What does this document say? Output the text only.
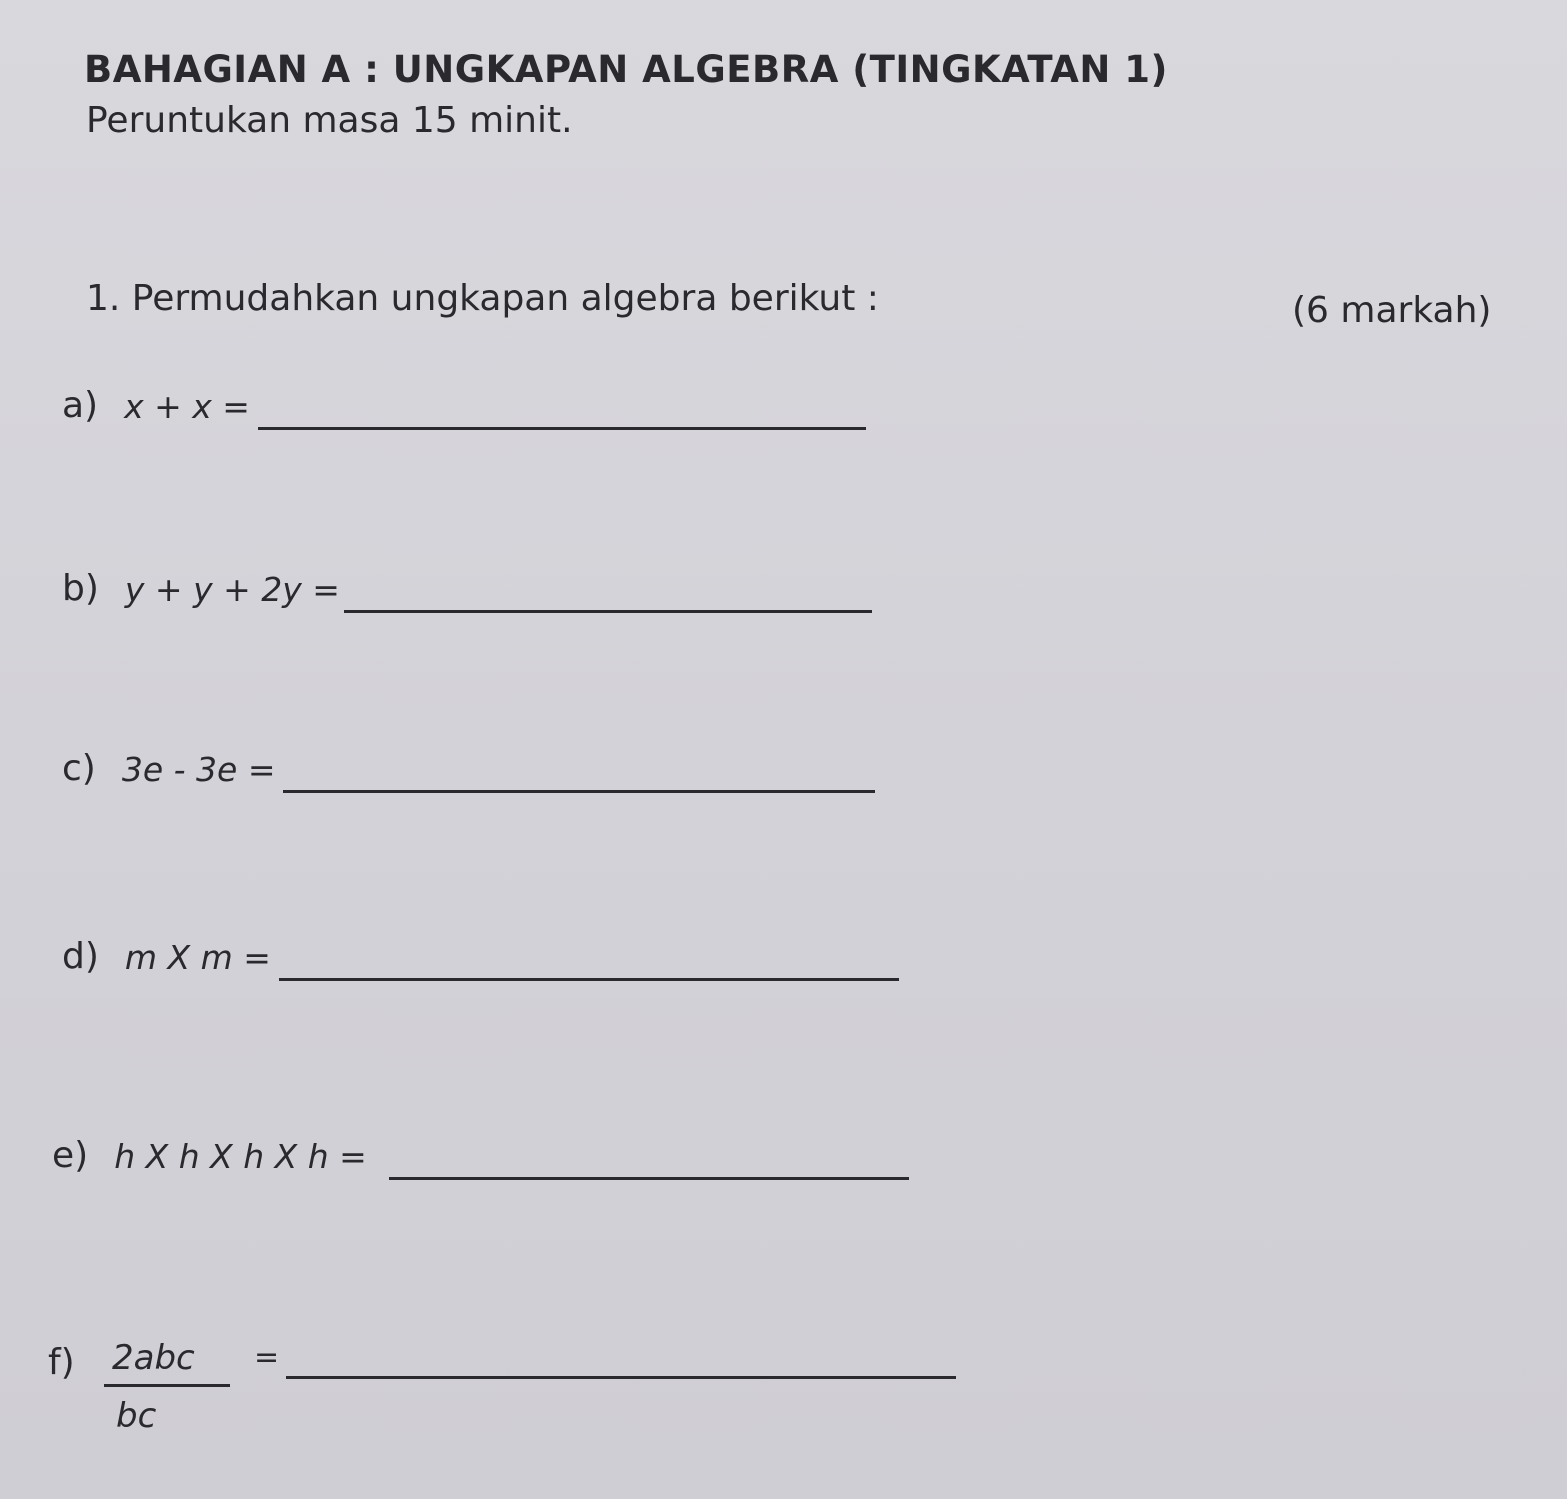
BAHAGIAN A : UNGKAPAN ALGEBRA (TINGKATAN 1)
Peruntukan masa 15 minit.
1. Permudahkan ungkapan algebra berikut :	(6 markah)
a) x + x =
b) y + y + 2y =
c) 3e - 3e =
d) m X m =
e) h X h X h X h =
f) 2abc
bc
=
